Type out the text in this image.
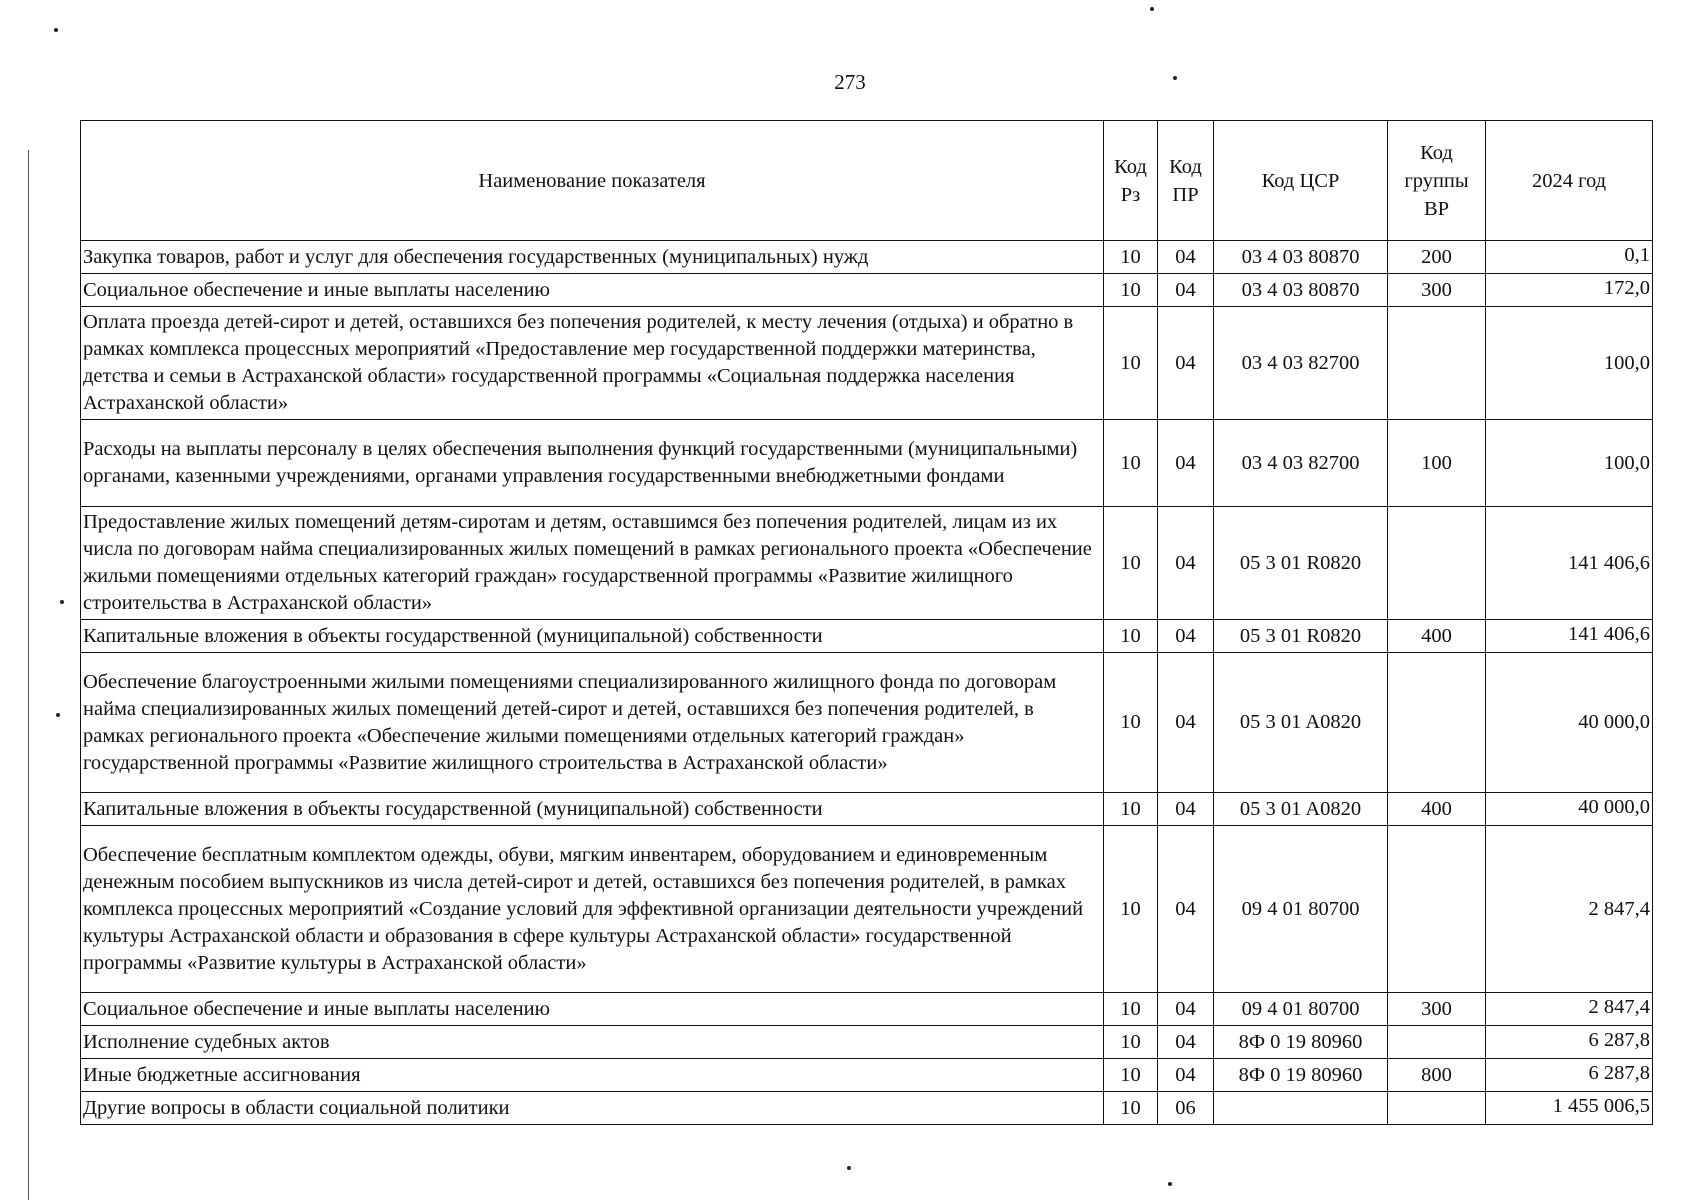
273
Наименование показателя	Код Рз	Код ПР	Код ЦСР	Код группы ВР	2024 год
Закупка товаров, работ и услуг для обеспечения государственных (муниципальных) нужд	10	04	03 4 03 80870	200	0,1
Социальное обеспечение и иные выплаты населению	10	04	03 4 03 80870	300	172,0
Оплата проезда детей-сирот и детей, оставшихся без попечения родителей, к месту лечения (отдыха) и обратно в рамках комплекса процессных мероприятий «Предоставление мер государственной поддержки материнства, детства и семьи в Астраханской области» государственной программы «Социальная поддержка населения Астраханской области»	10	04	03 4 03 82700		100,0
Расходы на выплаты персоналу в целях обеспечения выполнения функций государственными (муниципальными) органами, казенными учреждениями, органами управления государственными внебюджетными фондами	10	04	03 4 03 82700	100	100,0
Предоставление жилых помещений детям-сиротам и детям, оставшимся без попечения родителей, лицам из их числа по договорам найма специализированных жилых помещений в рамках регионального проекта «Обеспечение жильми помещениями отдельных категорий граждан» государственной программы «Развитие жилищного строительства в Астраханской области»	10	04	05 3 01 R0820		141 406,6
Капитальные вложения в объекты государственной (муниципальной) собственности	10	04	05 3 01 R0820	400	141 406,6
Обеспечение благоустроенными жилыми помещениями специализированного жилищного фонда по договорам найма специализированных жилых помещений детей-сирот и детей, оставшихся без попечения родителей, в рамках регионального проекта «Обеспечение жилыми помещениями отдельных категорий граждан» государственной программы «Развитие жилищного строительства в Астраханской области»	10	04	05 3 01 A0820		40 000,0
Капитальные вложения в объекты государственной (муниципальной) собственности	10	04	05 3 01 A0820	400	40 000,0
Обеспечение бесплатным комплектом одежды, обуви, мягким инвентарем, оборудованием и единовременным денежным пособием выпускников из числа детей-сирот и детей, оставшихся без попечения родителей, в рамках комплекса процессных мероприятий «Создание условий для эффективной организации деятельности учреждений культуры Астраханской области и образования в сфере культуры Астраханской области» государственной программы «Развитие культуры в Астраханской области»	10	04	09 4 01 80700		2 847,4
Социальное обеспечение и иные выплаты населению	10	04	09 4 01 80700	300	2 847,4
Исполнение судебных актов	10	04	8Ф 0 19 80960		6 287,8
Иные бюджетные ассигнования	10	04	8Ф 0 19 80960	800	6 287,8
Другие вопросы в области социальной политики	10	06			1 455 006,5
